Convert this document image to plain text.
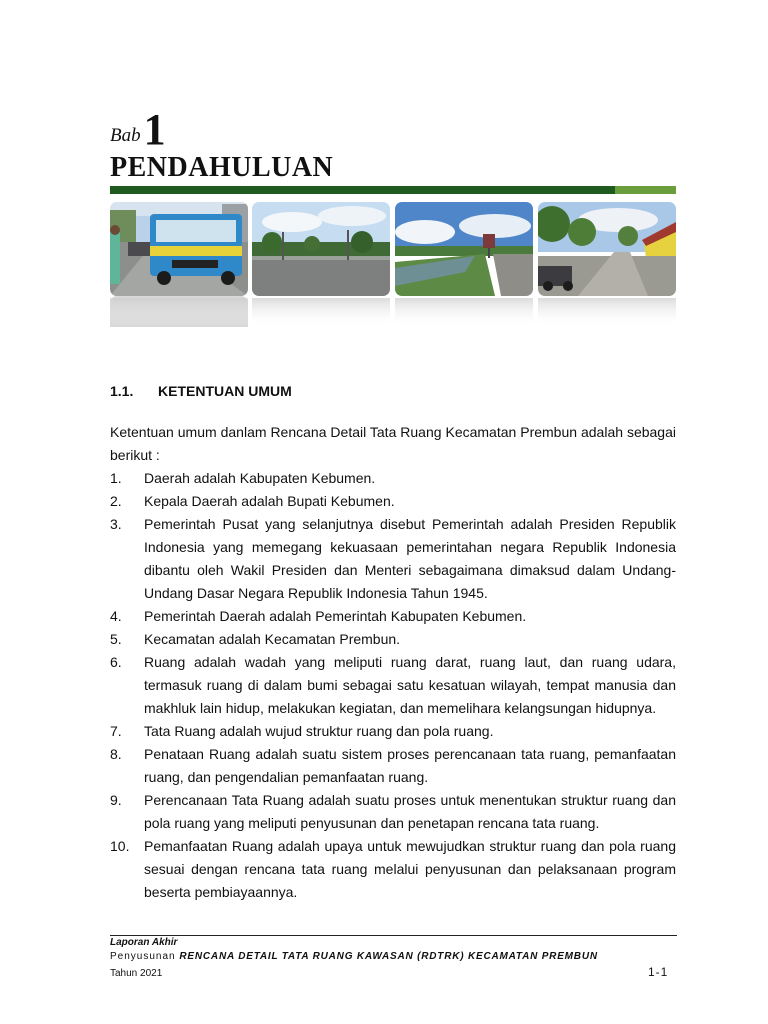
Bab 1
PENDAHULUAN
1.1. KETENTUAN UMUM

Ketentuan umum danlam Rencana Detail Tata Ruang Kecamatan Prembun adalah sebagai berikut :

1.	Daerah adalah Kabupaten Kebumen.
2.	Kepala Daerah adalah Bupati Kebumen.
3.	Pemerintah Pusat yang selanjutnya disebut Pemerintah adalah Presiden Republik Indonesia yang memegang kekuasaan pemerintahan negara Republik Indonesia dibantu oleh Wakil Presiden dan Menteri sebagaimana dimaksud dalam Undang-Undang Dasar Negara Republik Indonesia Tahun 1945.
4.	Pemerintah Daerah adalah Pemerintah Kabupaten Kebumen.
5.	Kecamatan adalah Kecamatan Prembun.
6.	Ruang adalah wadah yang meliputi ruang darat, ruang laut, dan ruang udara, termasuk ruang di dalam bumi sebagai satu kesatuan wilayah, tempat manusia dan makhluk lain hidup, melakukan kegiatan, dan memelihara kelangsungan hidupnya.
7.	Tata Ruang adalah wujud struktur ruang dan pola ruang.
8.	Penataan Ruang adalah suatu sistem proses perencanaan tata ruang, pemanfaatan ruang, dan pengendalian pemanfaatan ruang.
9.	Perencanaan Tata Ruang adalah suatu proses untuk menentukan struktur ruang dan pola ruang yang meliputi penyusunan dan penetapan rencana tata ruang.
10.	Pemanfaatan Ruang adalah upaya untuk mewujudkan struktur ruang dan pola ruang sesuai dengan rencana tata ruang melalui penyusunan dan pelaksanaan program beserta pembiayaannya.
Laporan Akhir
Penyusunan RENCANA DETAIL TATA RUANG KAWASAN (RDTRK) KECAMATAN PREMBUN
Tahun 2021	1-1
